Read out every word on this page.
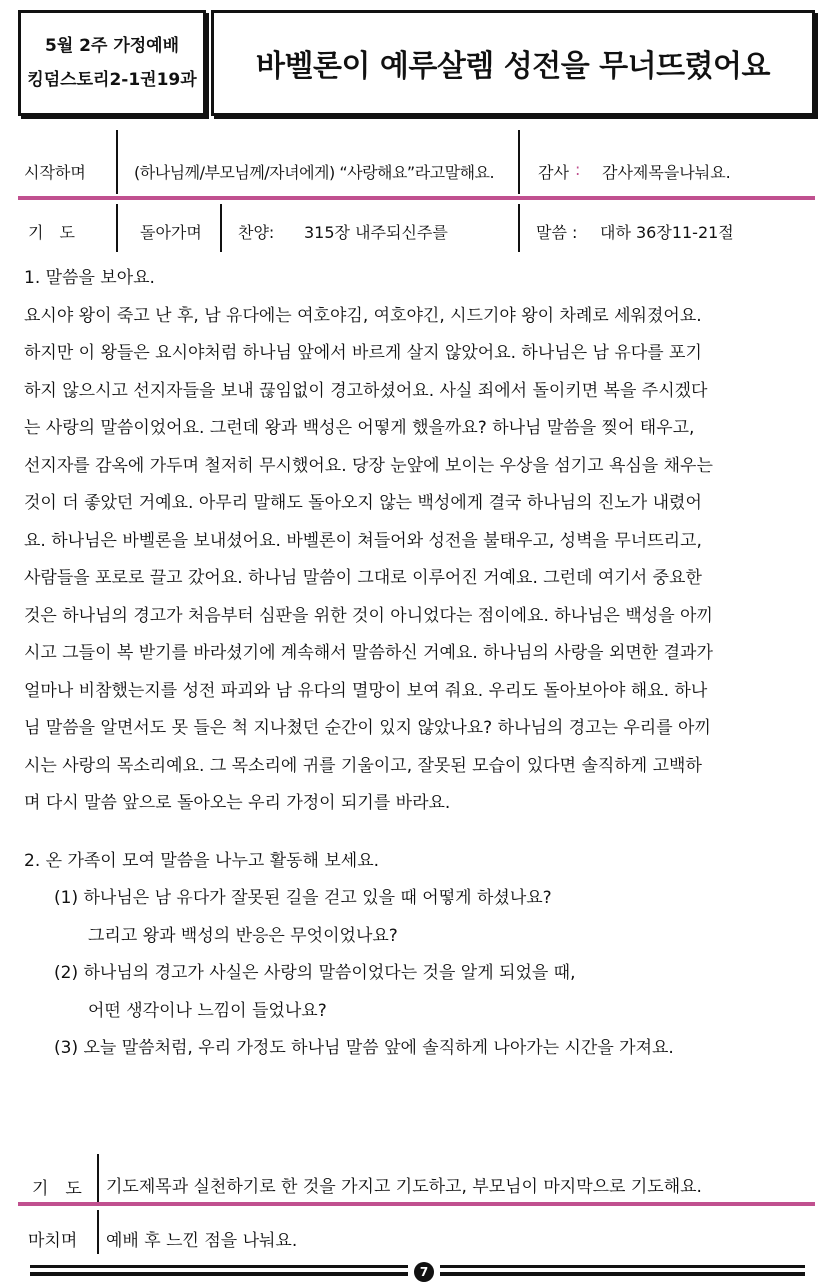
5월 2주 가정예배
킹덤스토리2-1권19과	바벨론이 예루살렘 성전을 무너뜨렸어요
시작하며	(하나님께/부모님께/자녀에게) “사랑해요”라고말해요.	감사 : 감사제목을나눠요.
기　도	돌아가며 찬양: 315장 내주되신주를	말씀 : 대하 36장11-21절

1. 말씀을 보아요.

요시야 왕이 죽고 난 후, 남 유다에는 여호야김, 여호야긴, 시드기야 왕이 차례로 세워졌어요.

하지만 이 왕들은 요시야처럼 하나님 앞에서 바르게 살지 않았어요. 하나님은 남 유다를 포기

하지 않으시고 선지자들을 보내 끊임없이 경고하셨어요. 사실 죄에서 돌이키면 복을 주시겠다

는 사랑의 말씀이었어요. 그런데 왕과 백성은 어떻게 했을까요? 하나님 말씀을 찢어 태우고,

선지자를 감옥에 가두며 철저히 무시했어요. 당장 눈앞에 보이는 우상을 섬기고 욕심을 채우는

것이 더 좋았던 거예요. 아무리 말해도 돌아오지 않는 백성에게 결국 하나님의 진노가 내렸어

요. 하나님은 바벨론을 보내셨어요. 바벨론이 쳐들어와 성전을 불태우고, 성벽을 무너뜨리고,

사람들을 포로로 끌고 갔어요. 하나님 말씀이 그대로 이루어진 거예요. 그런데 여기서 중요한

것은 하나님의 경고가 처음부터 심판을 위한 것이 아니었다는 점이에요. 하나님은 백성을 아끼

시고 그들이 복 받기를 바라셨기에 계속해서 말씀하신 거예요. 하나님의 사랑을 외면한 결과가

얼마나 비참했는지를 성전 파괴와 남 유다의 멸망이 보여 줘요. 우리도 돌아보아야 해요. 하나

님 말씀을 알면서도 못 들은 척 지나쳤던 순간이 있지 않았나요? 하나님의 경고는 우리를 아끼

시는 사랑의 목소리예요. 그 목소리에 귀를 기울이고, 잘못된 모습이 있다면 솔직하게 고백하

며 다시 말씀 앞으로 돌아오는 우리 가정이 되기를 바라요.

2. 온 가족이 모여 말씀을 나누고 활동해 보세요.

(1) 하나님은 남 유다가 잘못된 길을 걷고 있을 때 어떻게 하셨나요?

그리고 왕과 백성의 반응은 무엇이었나요?

(2) 하나님의 경고가 사실은 사랑의 말씀이었다는 것을 알게 되었을 때,

어떤 생각이나 느낌이 들었나요?

(3) 오늘 말씀처럼, 우리 가정도 하나님 말씀 앞에 솔직하게 나아가는 시간을 가져요.

기　도 기도제목과 실천하기로 한 것을 가지고 기도하고, 부모님이 마지막으로 기도해요.
마치며 예배 후 느낀 점을 나눠요.
7
